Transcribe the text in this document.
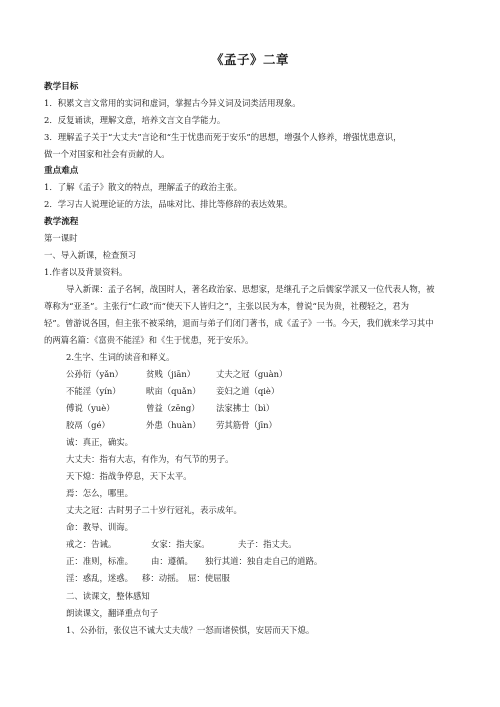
《孟子》二章
教学目标
1．积累文言文常用的实词和虚词，掌握古今异义词及词类活用现象。
2．反复诵读，理解文意，培养文言文自学能力。
3．理解孟子关于“大丈夫”言论和“生于忧患而死于安乐”的思想，增强个人修养，增强忧患意识，
做一个对国家和社会有贡献的人。
重点难点
1．了解《孟子》散文的特点，理解孟子的政治主张。
2．学习古人说理论证的方法，品味对比、排比等修辞的表达效果。
教学流程
第一课时
一、导入新课，检查预习
1.作者以及背景资料。
导入新课：孟子名轲，战国时人，著名政治家、思想家，是继孔子之后儒家学派又一位代表人物，被
尊称为“亚圣”。主张行“仁政”而“使天下人皆归之”，主张以民为本，曾说“民为贵，社稷轻之，君为
轻”。曾游说各国，但主张不被采纳，退而与弟子们闭门著书，成《孟子》一书。今天，我们就来学习其中
的两篇名篇：《富贵不能淫》和《生于忧患，死于安乐》。
2.生字、生词的读音和释义。
公孙衍（yǎn）	贫贱（jiān） 丈夫之冠（guàn）
不能淫（yín）	畎亩（quǎn） 妾妇之道（qiè）
傅说（yuè）	曾益（zēng） 法家拂士（bì）
胶鬲（gé）	外患（huàn） 劳其筋骨（jīn）
诚：真正，确实。
大丈夫：指有大志，有作为，有气节的男子。
天下熄：指战争停息，天下太平。
焉：怎么，哪里。
丈夫之冠：古时男子二十岁行冠礼，表示成年。
命：教导、训诲。
戒之：告诫。	女家：指夫家。	夫子：指丈夫。
正：准则，标准。 由：遵循。 独行其道：独自走自己的道路。
淫：惑乱，迷惑。 移：动摇。 屈：使屈服
二、读课文，整体感知
朗读课文，翻译重点句子
1、公孙衍，张仪岂不诚大丈夫哉？一怒而诸侯惧，安居而天下熄。
